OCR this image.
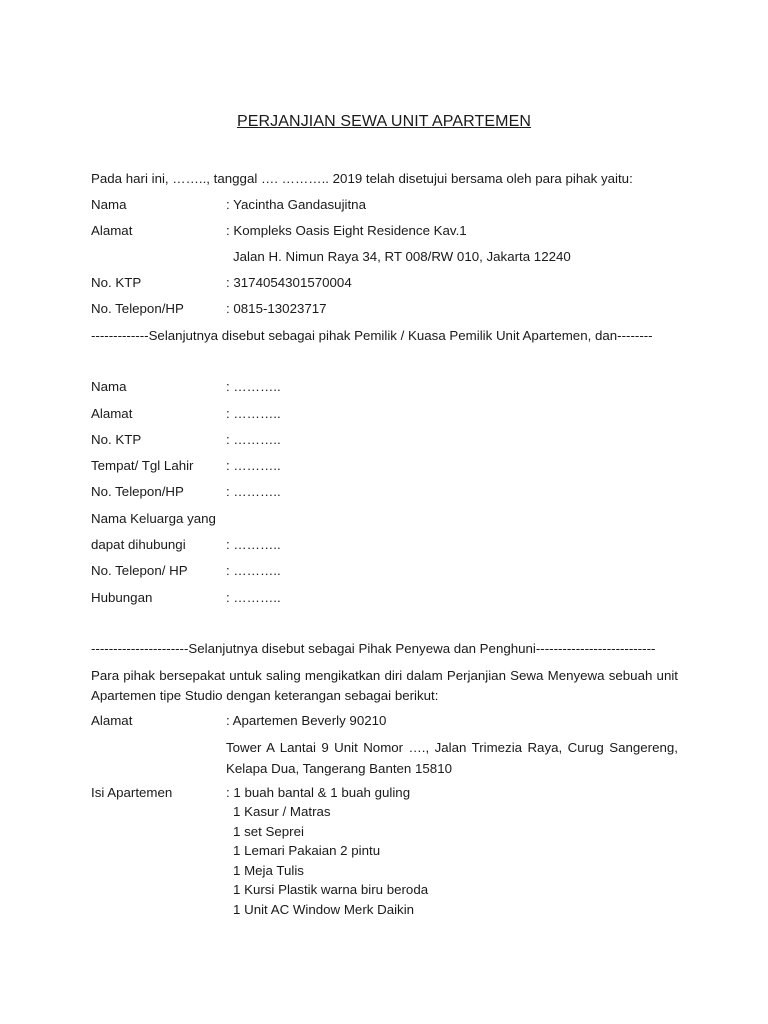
PERJANJIAN SEWA UNIT APARTEMEN
Pada hari ini, …….., tanggal …. ……….. 2019 telah disetujui bersama oleh para pihak yaitu:
Nama	: Yacintha Gandasujitna
Alamat	: Kompleks Oasis Eight Residence Kav.1
Jalan H. Nimun Raya 34, RT 008/RW 010, Jakarta 12240
No. KTP	: 3174054301570004
No. Telepon/HP	: 0815-13023717
-------------Selanjutnya disebut sebagai pihak Pemilik / Kuasa Pemilik Unit Apartemen, dan--------
Nama	: ………..
Alamat	: ………..
No. KTP	: ………..
Tempat/ Tgl Lahir : ………..
No. Telepon/HP	: ………..
Nama Keluarga yang
dapat dihubungi	: ………..
No. Telepon/ HP	: ………..
Hubungan	: ………..
----------------------Selanjutnya disebut sebagai Pihak Penyewa dan Penghuni---------------------------
Para pihak bersepakat untuk saling mengikatkan diri dalam Perjanjian Sewa Menyewa sebuah unit Apartemen tipe Studio dengan keterangan sebagai berikut:
Alamat	: Apartemen Beverly 90210
Tower A Lantai 9 Unit Nomor …., Jalan Trimezia Raya, Curug Sangereng, Kelapa Dua, Tangerang Banten 15810
Isi Apartemen	: 1 buah bantal & 1 buah guling
1 Kasur / Matras
1 set Seprei
1 Lemari Pakaian 2 pintu
1 Meja Tulis
1 Kursi Plastik warna biru beroda
1 Unit AC Window Merk Daikin
